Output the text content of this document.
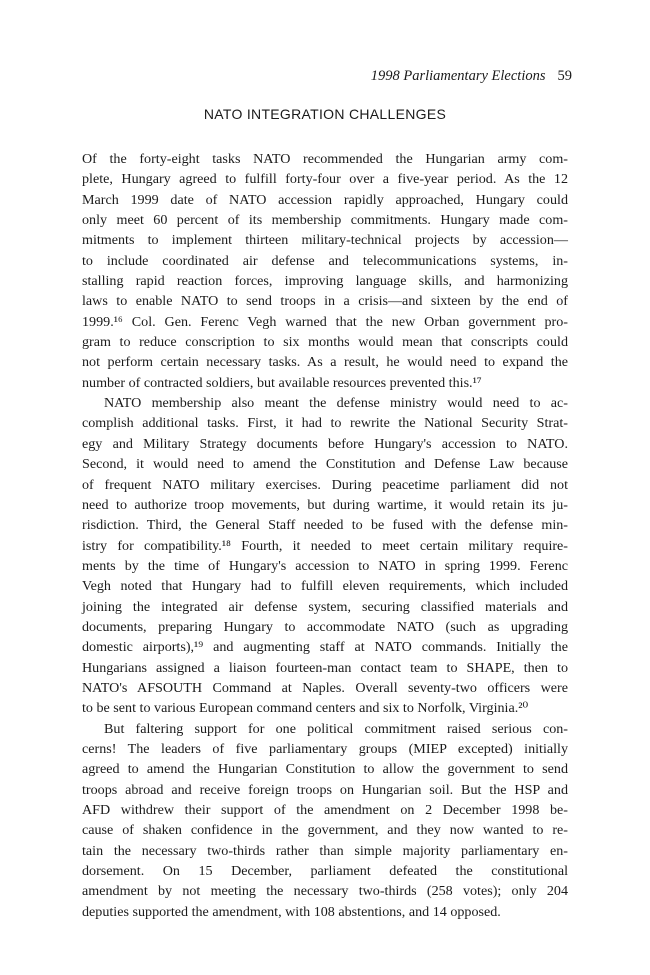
1998 Parliamentary Elections 59
NATO INTEGRATION CHALLENGES
Of the forty-eight tasks NATO recommended the Hungarian army com-
plete, Hungary agreed to fulfill forty-four over a five-year period. As the 12
March 1999 date of NATO accession rapidly approached, Hungary could
only meet 60 percent of its membership commitments. Hungary made com-
mitments to implement thirteen military-technical projects by accession—
to include coordinated air defense and telecommunications systems, in-
stalling rapid reaction forces, improving language skills, and harmonizing
laws to enable NATO to send troops in a crisis—and sixteen by the end of
1999.¹⁶ Col. Gen. Ferenc Vegh warned that the new Orban government pro-
gram to reduce conscription to six months would mean that conscripts could
not perform certain necessary tasks. As a result, he would need to expand the
number of contracted soldiers, but available resources prevented this.¹⁷
NATO membership also meant the defense ministry would need to ac-
complish additional tasks. First, it had to rewrite the National Security Strat-
egy and Military Strategy documents before Hungary's accession to NATO.
Second, it would need to amend the Constitution and Defense Law because
of frequent NATO military exercises. During peacetime parliament did not
need to authorize troop movements, but during wartime, it would retain its ju-
risdiction. Third, the General Staff needed to be fused with the defense min-
istry for compatibility.¹⁸ Fourth, it needed to meet certain military require-
ments by the time of Hungary's accession to NATO in spring 1999. Ferenc
Vegh noted that Hungary had to fulfill eleven requirements, which included
joining the integrated air defense system, securing classified materials and
documents, preparing Hungary to accommodate NATO (such as upgrading
domestic airports),¹⁹ and augmenting staff at NATO commands. Initially the
Hungarians assigned a liaison fourteen-man contact team to SHAPE, then to
NATO's AFSOUTH Command at Naples. Overall seventy-two officers were
to be sent to various European command centers and six to Norfolk, Virginia.²⁰
But faltering support for one political commitment raised serious con-
cerns! The leaders of five parliamentary groups (MIEP excepted) initially
agreed to amend the Hungarian Constitution to allow the government to send
troops abroad and receive foreign troops on Hungarian soil. But the HSP and
AFD withdrew their support of the amendment on 2 December 1998 be-
cause of shaken confidence in the government, and they now wanted to re-
tain the necessary two-thirds rather than simple majority parliamentary en-
dorsement. On 15 December, parliament defeated the constitutional
amendment by not meeting the necessary two-thirds (258 votes); only 204
deputies supported the amendment, with 108 abstentions, and 14 opposed.
